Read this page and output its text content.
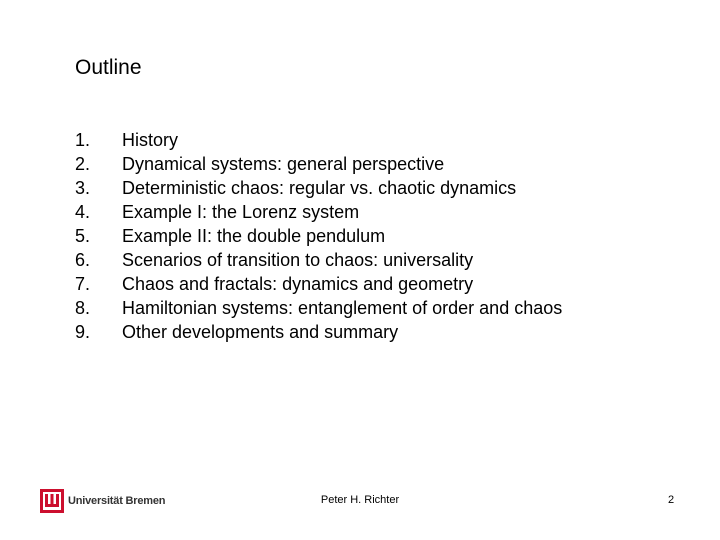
Outline
1.	History
2.	Dynamical systems: general perspective
3.	Deterministic chaos: regular vs. chaotic dynamics
4.	Example I: the Lorenz system
5.	Example II: the double pendulum
6.	Scenarios of transition to chaos: universality
7.	Chaos and fractals: dynamics and geometry
8.	Hamiltonian systems: entanglement of order and chaos
9.	Other developments and summary
Universität Bremen	Peter H. Richter	2
